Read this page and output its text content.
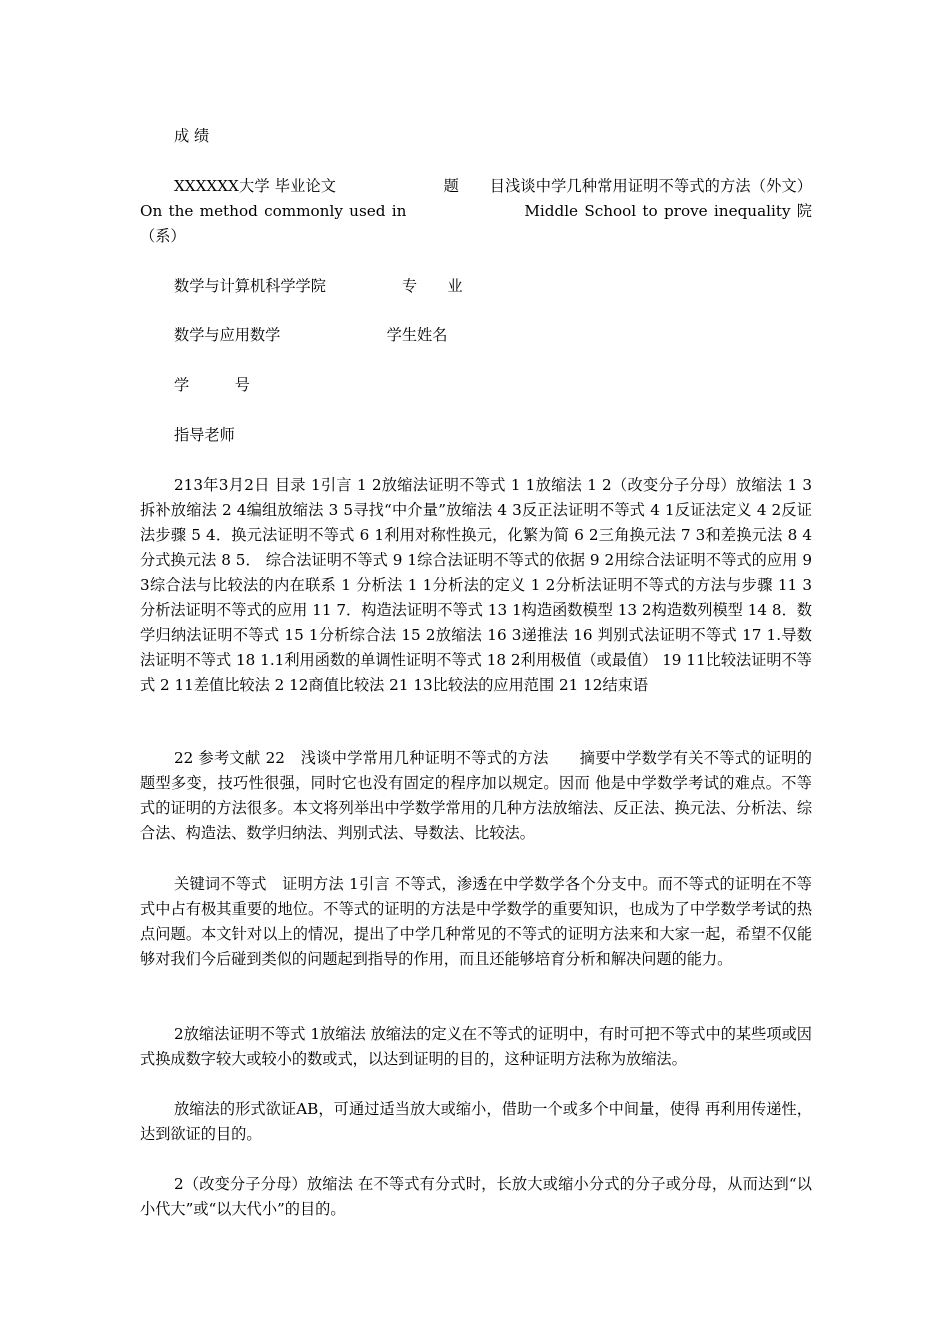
成 绩
XXXXXX大学 毕业论文　　　　　　　题　　目浅谈中学几种常用证明不等式的方法（外文）On the method commonly used in　　　　　　　Middle School to prove inequality 院（系）
数学与计算机科学学院　　　　　专　　业
数学与应用数学　　　　　　　学生姓名
学　　　号
指导老师
213年3月2日 目录 1引言 1 2放缩法证明不等式 1 1放缩法 1 2（改变分子分母）放缩法 1 3拆补放缩法 2 4编组放缩法 3 5寻找“中介量”放缩法 4 3反正法证明不等式 4 1反证法定义 4 2反证法步骤 5 4．换元法证明不等式 6 1利用对称性换元，化繁为简 6 2三角换元法 7 3和差换元法 8 4分式换元法 8 5． 综合法证明不等式 9 1综合法证明不等式的依据 9 2用综合法证明不等式的应用 9 3综合法与比较法的内在联系 1 分析法 1 1分析法的定义 1 2分析法证明不等式的方法与步骤 11 3分析法证明不等式的应用 11 7．构造法证明不等式 13 1构造函数模型 13 2构造数列模型 14 8．数学归纳法证明不等式 15 1分析综合法 15 2放缩法 16 3递推法 16 判别式法证明不等式 17 1.导数法证明不等式 18 1.1利用函数的单调性证明不等式 18 2利用极值（或最值） 19 11比较法证明不等式 2 11差值比较法 2 12商值比较法 21 13比较法的应用范围 21 12结束语
22 参考文献 22　浅谈中学常用几种证明不等式的方法　　摘要中学数学有关不等式的证明的题型多变，技巧性很强，同时它也没有固定的程序加以规定。因而 他是中学数学考试的难点。不等式的证明的方法很多。本文将列举出中学数学常用的几种方法放缩法、反正法、换元法、分析法、综合法、构造法、数学归纳法、判别式法、导数法、比较法。
关键词不等式　证明方法 1引言 不等式，渗透在中学数学各个分支中。而不等式的证明在不等式中占有极其重要的地位。不等式的证明的方法是中学数学的重要知识，也成为了中学数学考试的热点问题。本文针对以上的情况，提出了中学几种常见的不等式的证明方法来和大家一起，希望不仅能够对我们今后碰到类似的问题起到指导的作用，而且还能够培育分析和解决问题的能力。
2放缩法证明不等式 1放缩法 放缩法的定义在不等式的证明中，有时可把不等式中的某些项或因式换成数字较大或较小的数或式，以达到证明的目的，这种证明方法称为放缩法。
放缩法的形式欲证AB，可通过适当放大或缩小，借助一个或多个中间量，使得 再利用传递性，达到欲证的目的。
2（改变分子分母）放缩法 在不等式有分式时，长放大或缩小分式的分子或分母，从而达到“以小代大”或“以大代小”的目的。
